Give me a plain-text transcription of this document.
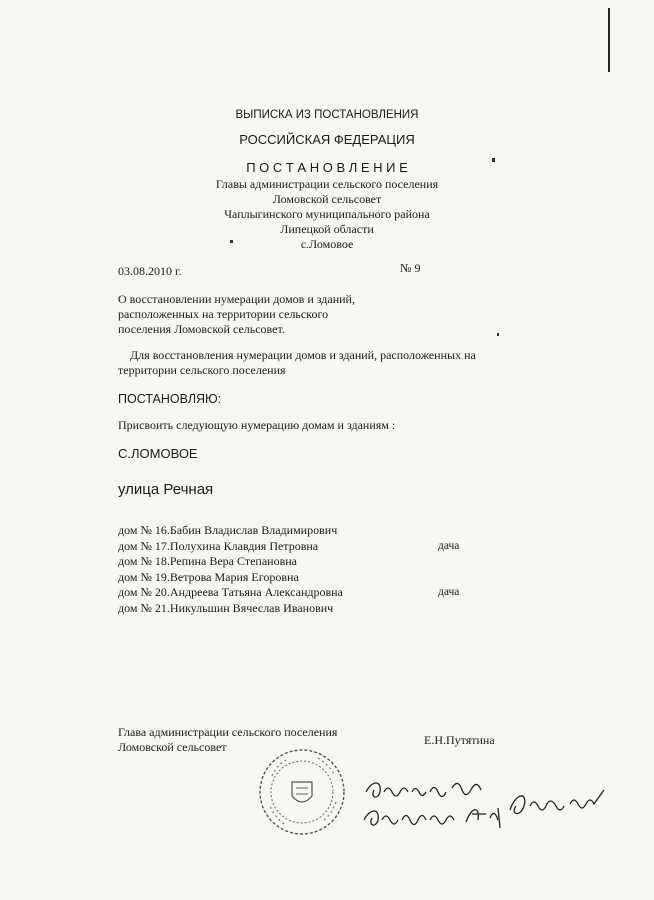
ВЫПИСКА ИЗ ПОСТАНОВЛЕНИЯ
РОССИЙСКАЯ ФЕДЕРАЦИЯ
П О С Т А Н О В Л Е Н И Е
Главы администрации сельского поселения
Ломовской сельсовет
Чаплыгинского муниципального района
Липецкой области
с.Ломовое
03.08.2010 г.	№ 9
О восстановлении нумерации домов и зданий,
расположенных на территории сельского
поселения Ломовской сельсовет.
Для восстановления нумерации домов и зданий, расположенных на
территории сельского поселения
ПОСТАНОВЛЯЮ:
Присвоить следующую нумерацию домам и зданиям :
С.ЛОМОВОЕ
улица Речная
дом № 16.Бабин Владислав Владимирович
дом № 17.Полухина Клавдия Петровна	дача
дом № 18.Репина Вера Степановна
дом № 19.Ветрова Мария Егоровна
дом № 20.Андреева Татьяна Александровна	дача
дом № 21.Никульшин Вячеслав Иванович
Глава администрации сельского поселения
Ломовской сельсовет	Е.Н.Путятина
